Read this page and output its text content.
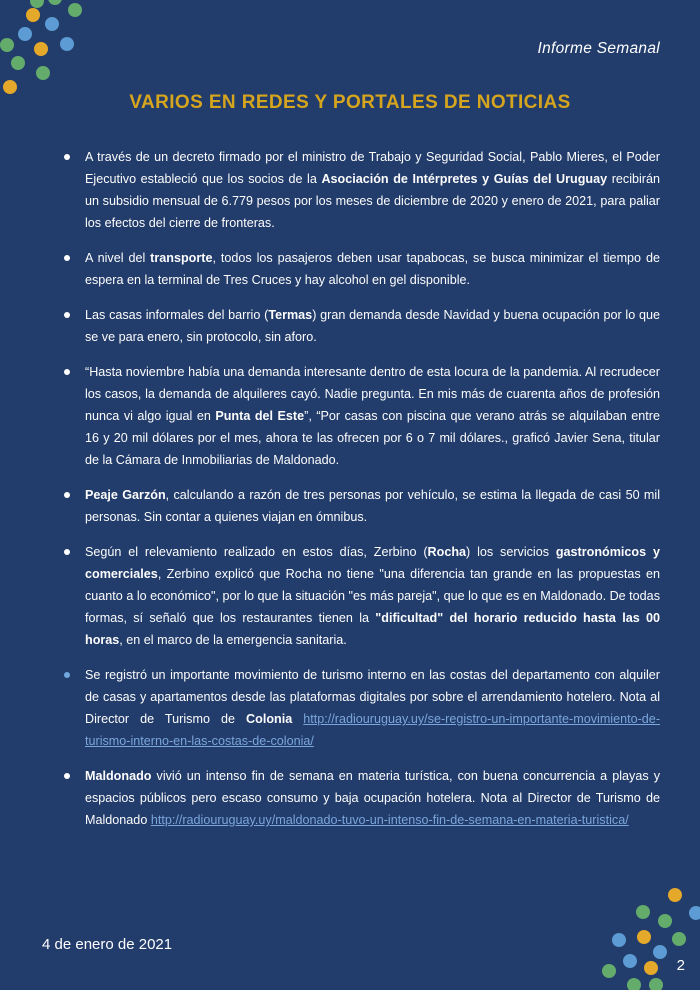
Informe Semanal
VARIOS EN REDES Y PORTALES DE NOTICIAS
A través de un decreto firmado por el ministro de Trabajo y Seguridad Social, Pablo Mieres, el Poder Ejecutivo estableció que los socios de la Asociación de Intérpretes y Guías del Uruguay recibirán un subsidio mensual de 6.779 pesos por los meses de diciembre de 2020 y enero de 2021, para paliar los efectos del cierre de fronteras.
A nivel del transporte, todos los pasajeros deben usar tapabocas, se busca minimizar el tiempo de espera en la terminal de Tres Cruces y hay alcohol en gel disponible.
Las casas informales del barrio (Termas) gran demanda desde Navidad y buena ocupación por lo que se ve para enero, sin protocolo, sin aforo.
“Hasta noviembre había una demanda interesante dentro de esta locura de la pandemia. Al recrudecer los casos, la demanda de alquileres cayó. Nadie pregunta. En mis más de cuarenta años de profesión nunca vi algo igual en Punta del Este”, “Por casas con piscina que verano atrás se alquilaban entre 16 y 20 mil dólares por el mes, ahora te las ofrecen por 6 o 7 mil dólares., graficó Javier Sena, titular de la Cámara de Inmobiliarias de Maldonado.
Peaje Garzón, calculando a razón de tres personas por vehículo, se estima la llegada de casi 50 mil personas. Sin contar a quienes viajan en ómnibus.
Según el relevamiento realizado en estos días, Zerbino (Rocha) los servicios gastronómicos y comerciales, Zerbino explicó que Rocha no tiene "una diferencia tan grande en las propuestas en cuanto a lo económico", por lo que la situación "es más pareja", que lo que es en Maldonado. De todas formas, sí señaló que los restaurantes tienen la "dificultad" del horario reducido hasta las 00 horas, en el marco de la emergencia sanitaria.
Se registró un importante movimiento de turismo interno en las costas del departamento con alquiler de casas y apartamentos desde las plataformas digitales por sobre el arrendamiento hotelero. Nota al Director de Turismo de Colonia http://radiouruguay.uy/se-registro-un-importante-movimiento-de-turismo-interno-en-las-costas-de-colonia/
Maldonado vivió un intenso fin de semana en materia turística, con buena concurrencia a playas y espacios públicos pero escaso consumo y baja ocupación hotelera. Nota al Director de Turismo de Maldonado http://radiouruguay.uy/maldonado-tuvo-un-intenso-fin-de-semana-en-materia-turistica/
4 de enero de 2021
2
